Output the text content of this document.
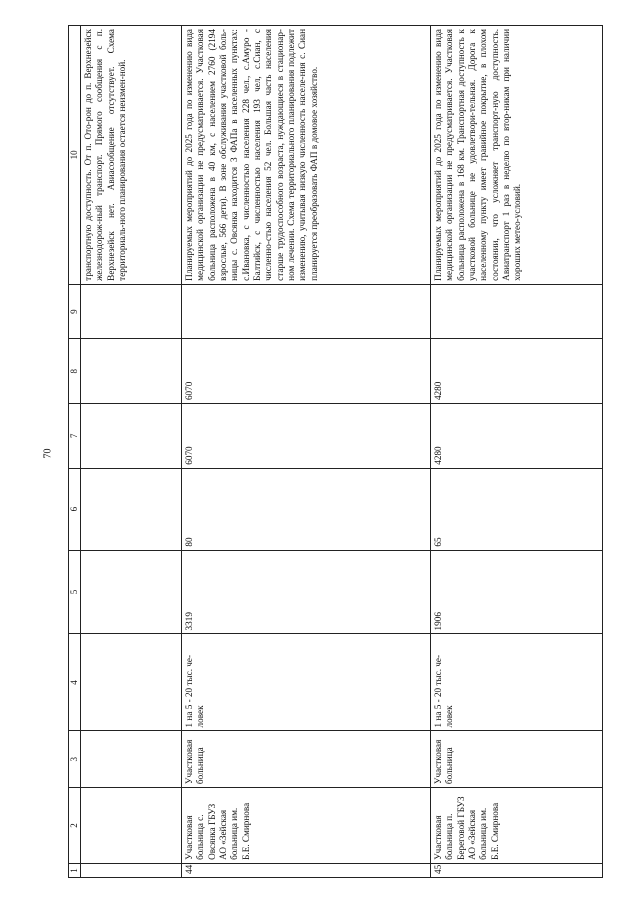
70
1	2	3	4	5	6	7	8	9	10
									транспортную доступность. От п. Ото-рон до п. Верхнезейск железнодорож-ный транспорт. Прямого сообщения с п. Верхнезейск нет. Авиасообщение отсутствует. Схема территориаль-ного планирования остается неизмен-ной.
44	Участковая больница с. Овсянка ГБУЗ АО «Зейская больница им. Б.Е. Смирнова	Участковая больница	1 на 5 - 20 тыс. че-ловек	3319	80	6070	6070		Планируемых мероприятий до 2025 года по изменению вида медицинской организации не предусматривается. Участковая больница расположена в 40 км, с населением 2760 (2194 взрослые, 566 дети). В зоне обслуживания участковой боль-ницы с. Овсянка находится 3 ФАПа в населенных пунктах: с.Ивановка, с численностью населения 228 чел., с.Амуро - Балтийск, с численностью населения 193 чел, с.Сиан, с численно-стью населения 52 чел. Большая часть населения старше трудоспособного возраста, нуждающиеся в стационар-ном лечении. Схема территориального планирования подлежит изменению, учитывая низкую численность населе-ния с. Сиан планируется преобразовать ФАП в домовое хозяйство.
45	Участковая больница п. Береговой ГБУЗ АО «Зейская больница им. Б.Е. Смирнова	Участковая больница	1 на 5 - 20 тыс. че-ловек	1906	65	4280	4280		Планируемых мероприятий до 2025 года по изменению вида медицинской организации не предусматривается. Участковая больница расположена в 168 км. Транспортная доступность к участковой больнице не удовлетвори-тельная. Дорога к населенному пункту имеет гравийное покрытие, в плохом состоянии, что усложняет транспорт-ную доступность. Авиатранспорт 1 раз в неделю по втор-никам при наличии хороших метео-условий.
